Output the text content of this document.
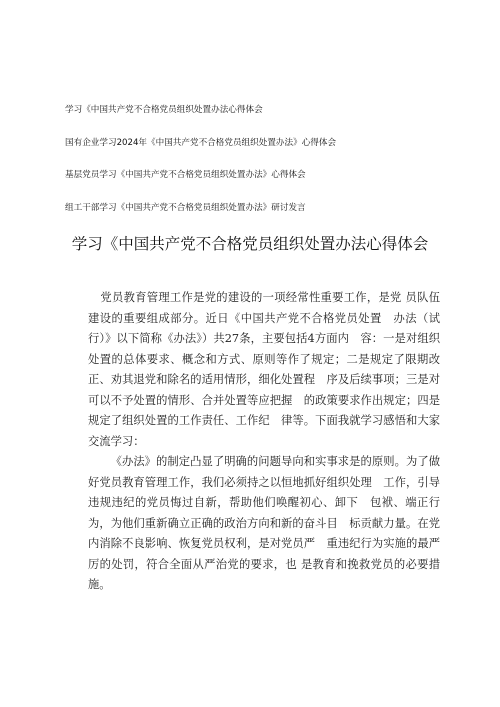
学习《中国共产党不合格党员组织处置办法心得体会
国有企业学习2024年《中国共产党不合格党员组织处置办法》心得体会
基层党员学习《中国共产党不合格党员组织处置办法》心得体会
组工干部学习《中国共产党不合格党员组织处置办法》研讨发言
学习《中国共产党不合格党员组织处置办法心得体会

党员教育管理工作是党的建设的一项经常性重要工作，是党 员队伍建设的重要组成部分。近日《中国共产党不合格党员处置　办法（试行）》以下简称《办法》）共27条，主要包括4方面内　容：一是对组织处置的总体要求、概念和方式、原则等作了规定；二是规定了限期改正、劝其退党和除名的适用情形，细化处置程　序及后续事项；三是对可以不予处置的情形、合并处置等应把握　的政策要求作出规定；四是规定了组织处置的工作责任、工作纪　律等。下面我就学习感悟和大家交流学习：

《办法》的制定凸显了明确的问题导向和实事求是的原则。为了做好党员教育管理工作，我们必须持之以恒地抓好组织处理　工作，引导违规违纪的党员悔过自新，帮助他们唤醒初心、卸下　包袱、端正行为，为他们重新确立正确的政治方向和新的奋斗目　标贡献力量。在党内消除不良影响、恢复党员权利，是对党员严　重违纪行为实施的最严厉的处罚，符合全面从严治党的要求，也 是教育和挽救党员的必要措施。
